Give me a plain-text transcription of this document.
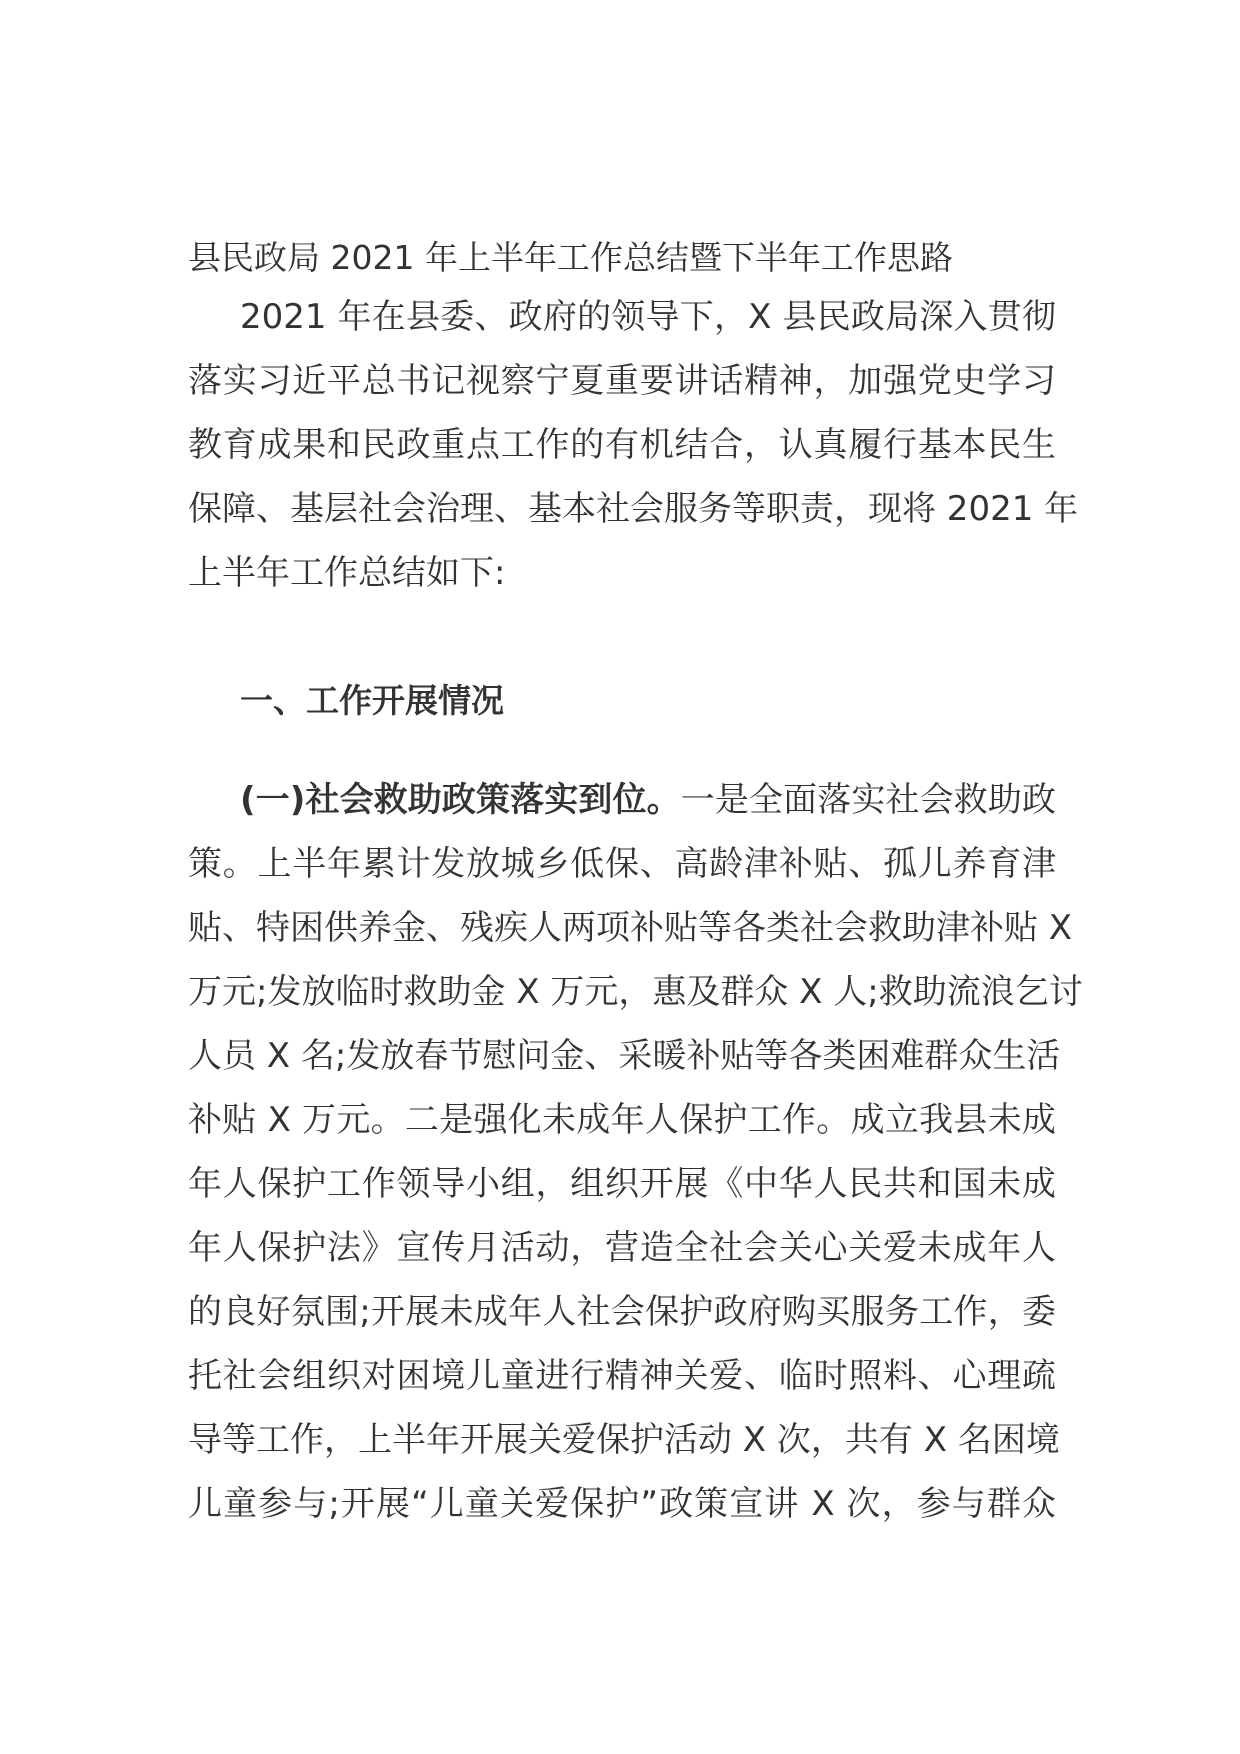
县民政局 2021 年上半年工作总结暨下半年工作思路
2021 年在县委、政府的领导下，X 县民政局深入贯彻
落实习近平总书记视察宁夏重要讲话精神，加强党史学习
教育成果和民政重点工作的有机结合，认真履行基本民生
保障、基层社会治理、基本社会服务等职责，现将 2021 年
上半年工作总结如下:
一、工作开展情况
(一)社会救助政策落实到位。一是全面落实社会救助政
策。上半年累计发放城乡低保、高龄津补贴、孤儿养育津
贴、特困供养金、残疾人两项补贴等各类社会救助津补贴 X
万元;发放临时救助金 X 万元，惠及群众 X 人;救助流浪乞讨
人员 X 名;发放春节慰问金、采暖补贴等各类困难群众生活
补贴 X 万元。二是强化未成年人保护工作。成立我县未成
年人保护工作领导小组，组织开展《中华人民共和国未成
年人保护法》宣传月活动，营造全社会关心关爱未成年人
的良好氛围;开展未成年人社会保护政府购买服务工作，委
托社会组织对困境儿童进行精神关爱、临时照料、心理疏
导等工作，上半年开展关爱保护活动 X 次，共有 X 名困境
儿童参与;开展“儿童关爱保护”政策宣讲 X 次，参与群众
